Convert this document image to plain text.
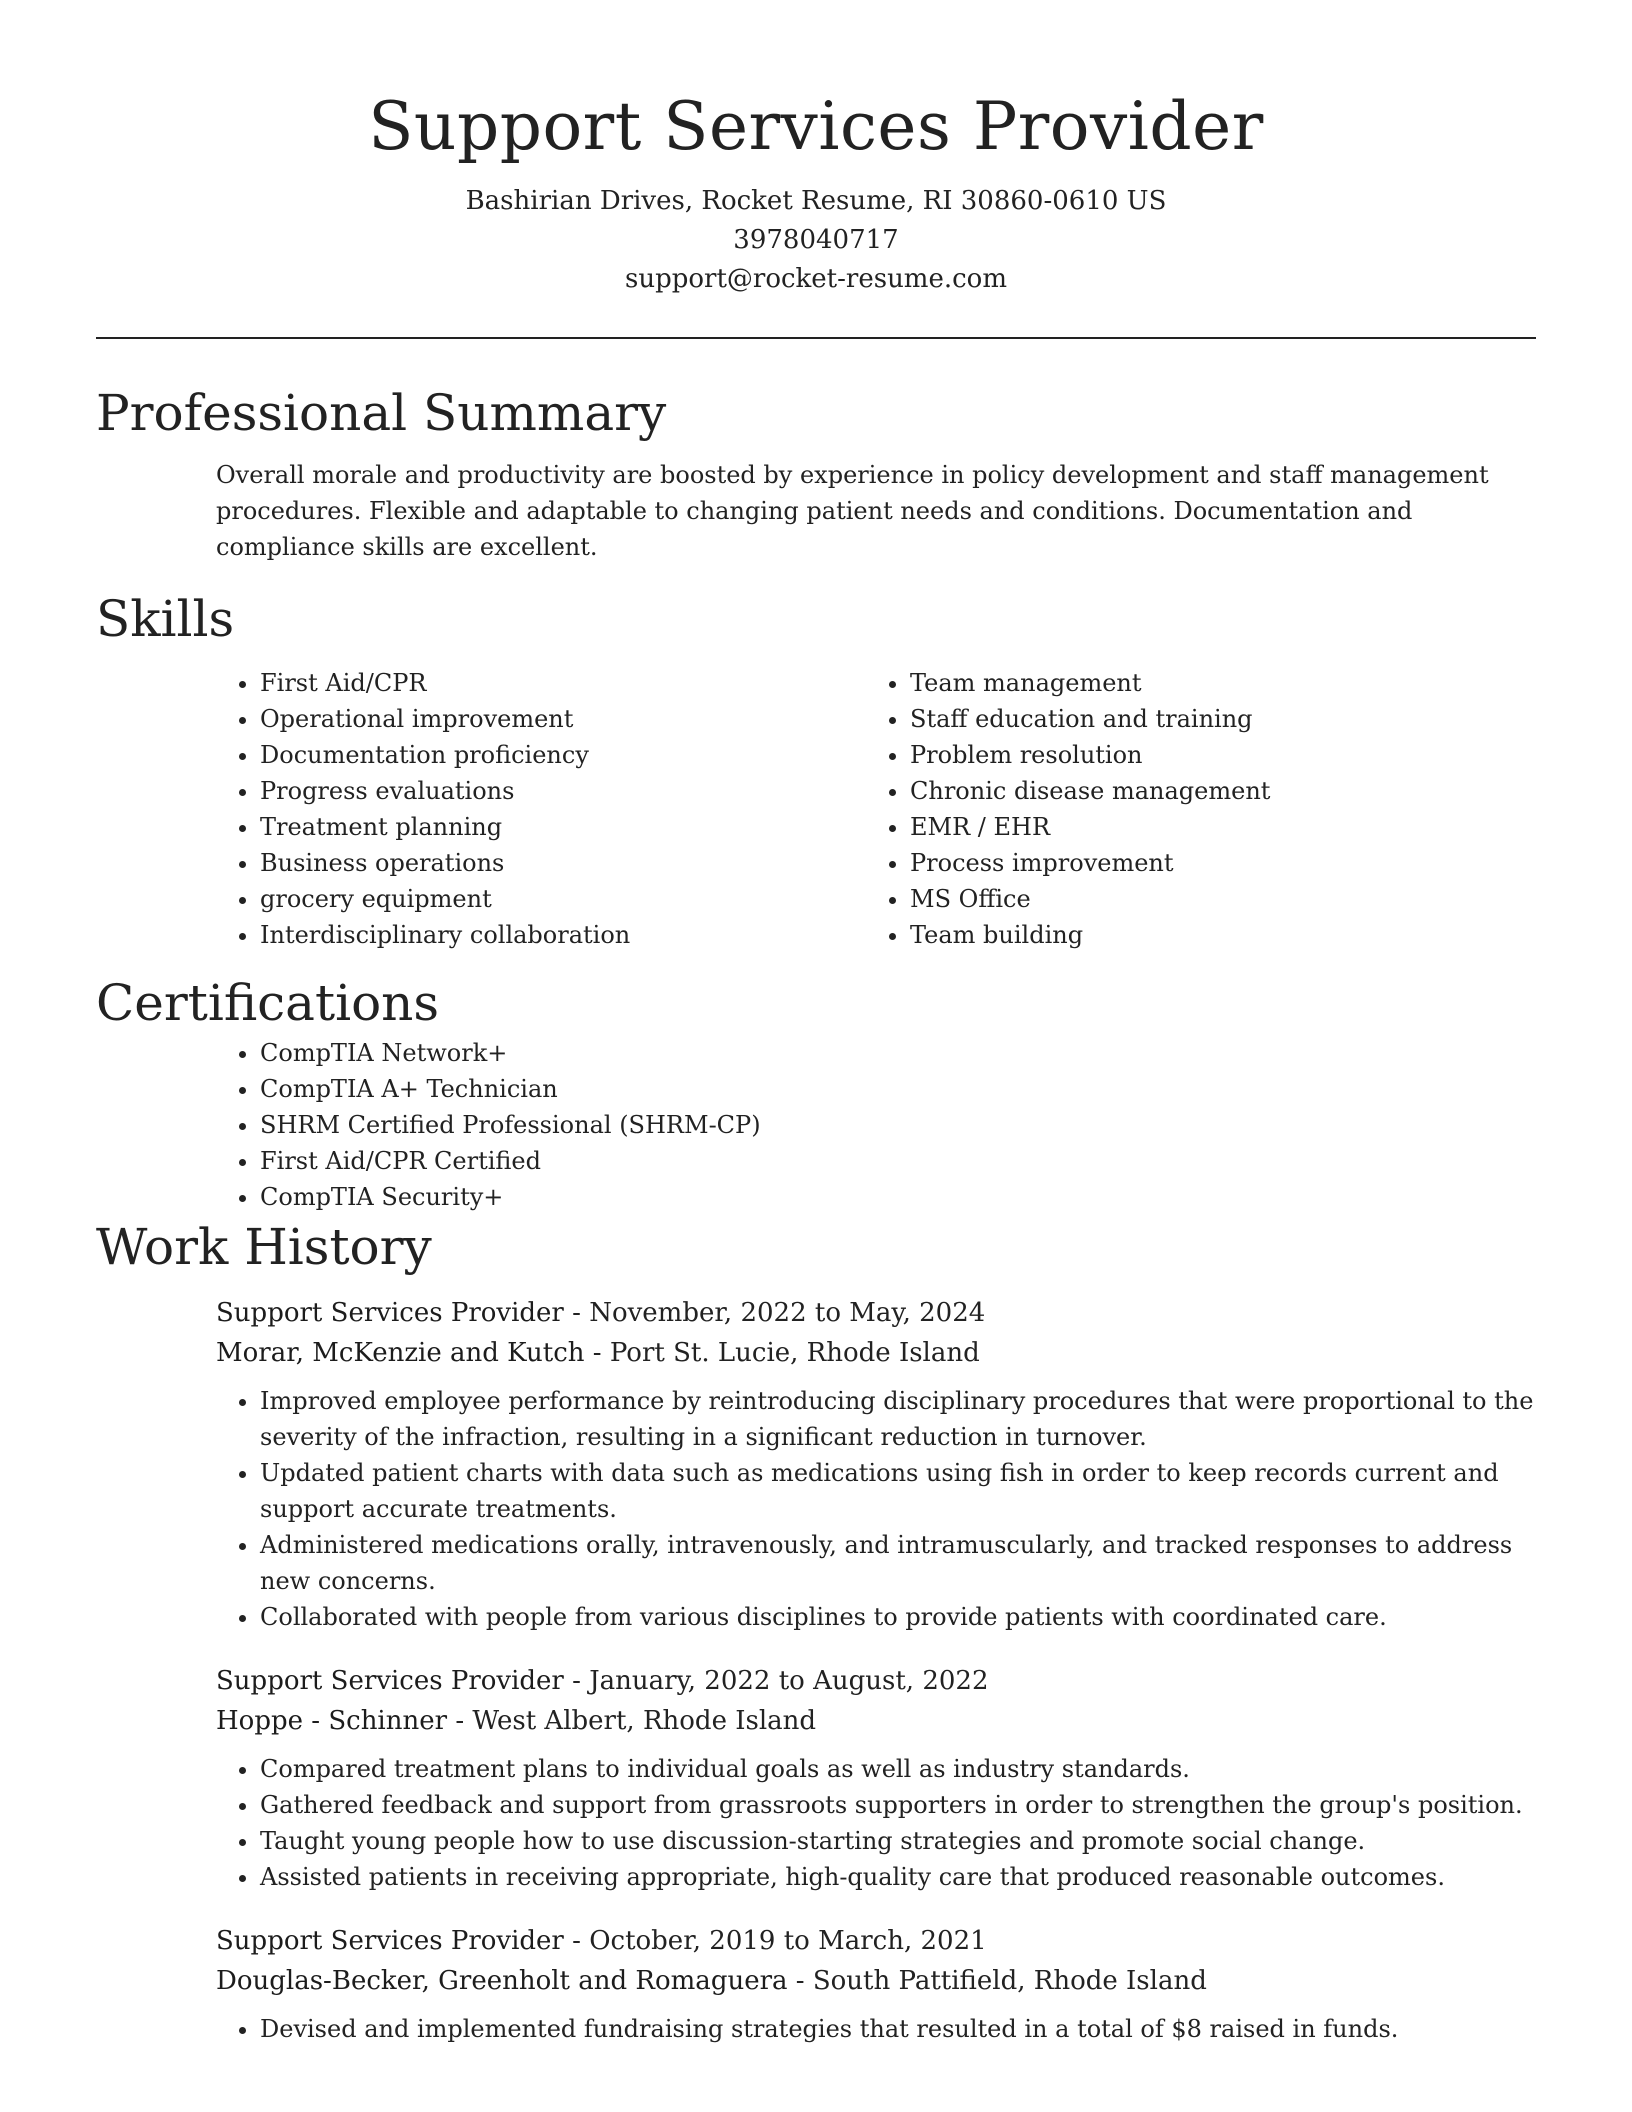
Support Services Provider

Bashirian Drives, Rocket Resume, RI 30860-0610 US

3978040717

support@rocket-resume.com

Professional Summary

Overall morale and productivity are boosted by experience in policy development and staff management procedures. Flexible and adaptable to changing patient needs and conditions. Documentation and compliance skills are excellent.

Skills
• First Aid/CPR
• Operational improvement
• Documentation proficiency
• Progress evaluations
• Treatment planning
• Business operations
• grocery equipment
• Interdisciplinary collaboration
• Team management
• Staff education and training
• Problem resolution
• Chronic disease management
• EMR / EHR
• Process improvement
• MS Office
• Team building
Certifications
• CompTIA Network+
• CompTIA A+ Technician
• SHRM Certified Professional (SHRM-CP)
• First Aid/CPR Certified
• CompTIA Security+
Work History

Support Services Provider - November, 2022 to May, 2024

Morar, McKenzie and Kutch - Port St. Lucie, Rhode Island

• Improved employee performance by reintroducing disciplinary procedures that were proportional to the severity of the infraction, resulting in a significant reduction in turnover.
• Updated patient charts with data such as medications using fish in order to keep records current and support accurate treatments.
• Administered medications orally, intravenously, and intramuscularly, and tracked responses to address new concerns.
• Collaborated with people from various disciplines to provide patients with coordinated care.

Support Services Provider - January, 2022 to August, 2022

Hoppe - Schinner - West Albert, Rhode Island

• Compared treatment plans to individual goals as well as industry standards.
• Gathered feedback and support from grassroots supporters in order to strengthen the group's position.
• Taught young people how to use discussion-starting strategies and promote social change.
• Assisted patients in receiving appropriate, high-quality care that produced reasonable outcomes.

Support Services Provider - October, 2019 to March, 2021

Douglas-Becker, Greenholt and Romaguera - South Pattifield, Rhode Island

• Devised and implemented fundraising strategies that resulted in a total of $8 raised in funds.
